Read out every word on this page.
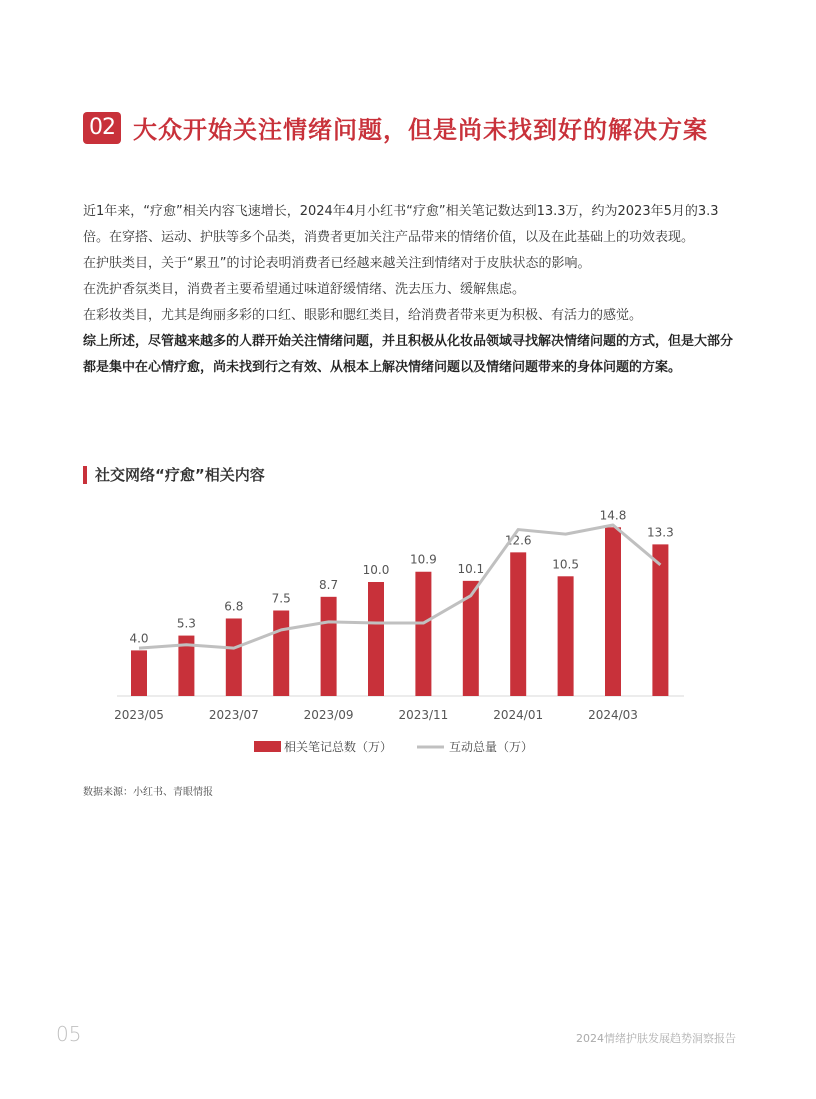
02 大众开始关注情绪问题，但是尚未找到好的解决方案

近1年来，“疗愈”相关内容飞速增长，2024年4月小红书“疗愈”相关笔记数达到13.3万，约为2023年5月的3.3倍。在穿搭、运动、护肤等多个品类，消费者更加关注产品带来的情绪价值，以及在此基础上的功效表现。

在护肤类目，关于“累丑”的讨论表明消费者已经越来越关注到情绪对于皮肤状态的影响。

在洗护香氛类目，消费者主要希望通过味道舒缓情绪、洗去压力、缓解焦虑。

在彩妆类目，尤其是绚丽多彩的口红、眼影和腮红类目，给消费者带来更为积极、有活力的感觉。

综上所述，尽管越来越多的人群开始关注情绪问题，并且积极从化妆品领域寻找解决情绪问题的方式，但是大部分都是集中在心情疗愈，尚未找到行之有效、从根本上解决情绪问题以及情绪问题带来的身体问题的方案。

社交网络“疗愈”相关内容
4.0
5.3
6.8
7.5
8.7
10.0
10.9
10.1
12.6
10.5
14.8
13.3
2023/05	2023/07	2023/09	2023/11	2024/01	2024/03
相关笔记总数（万）	互动总量（万）
数据来源：小红书、青眼情报
05	2024情绪护肤发展趋势洞察报告
